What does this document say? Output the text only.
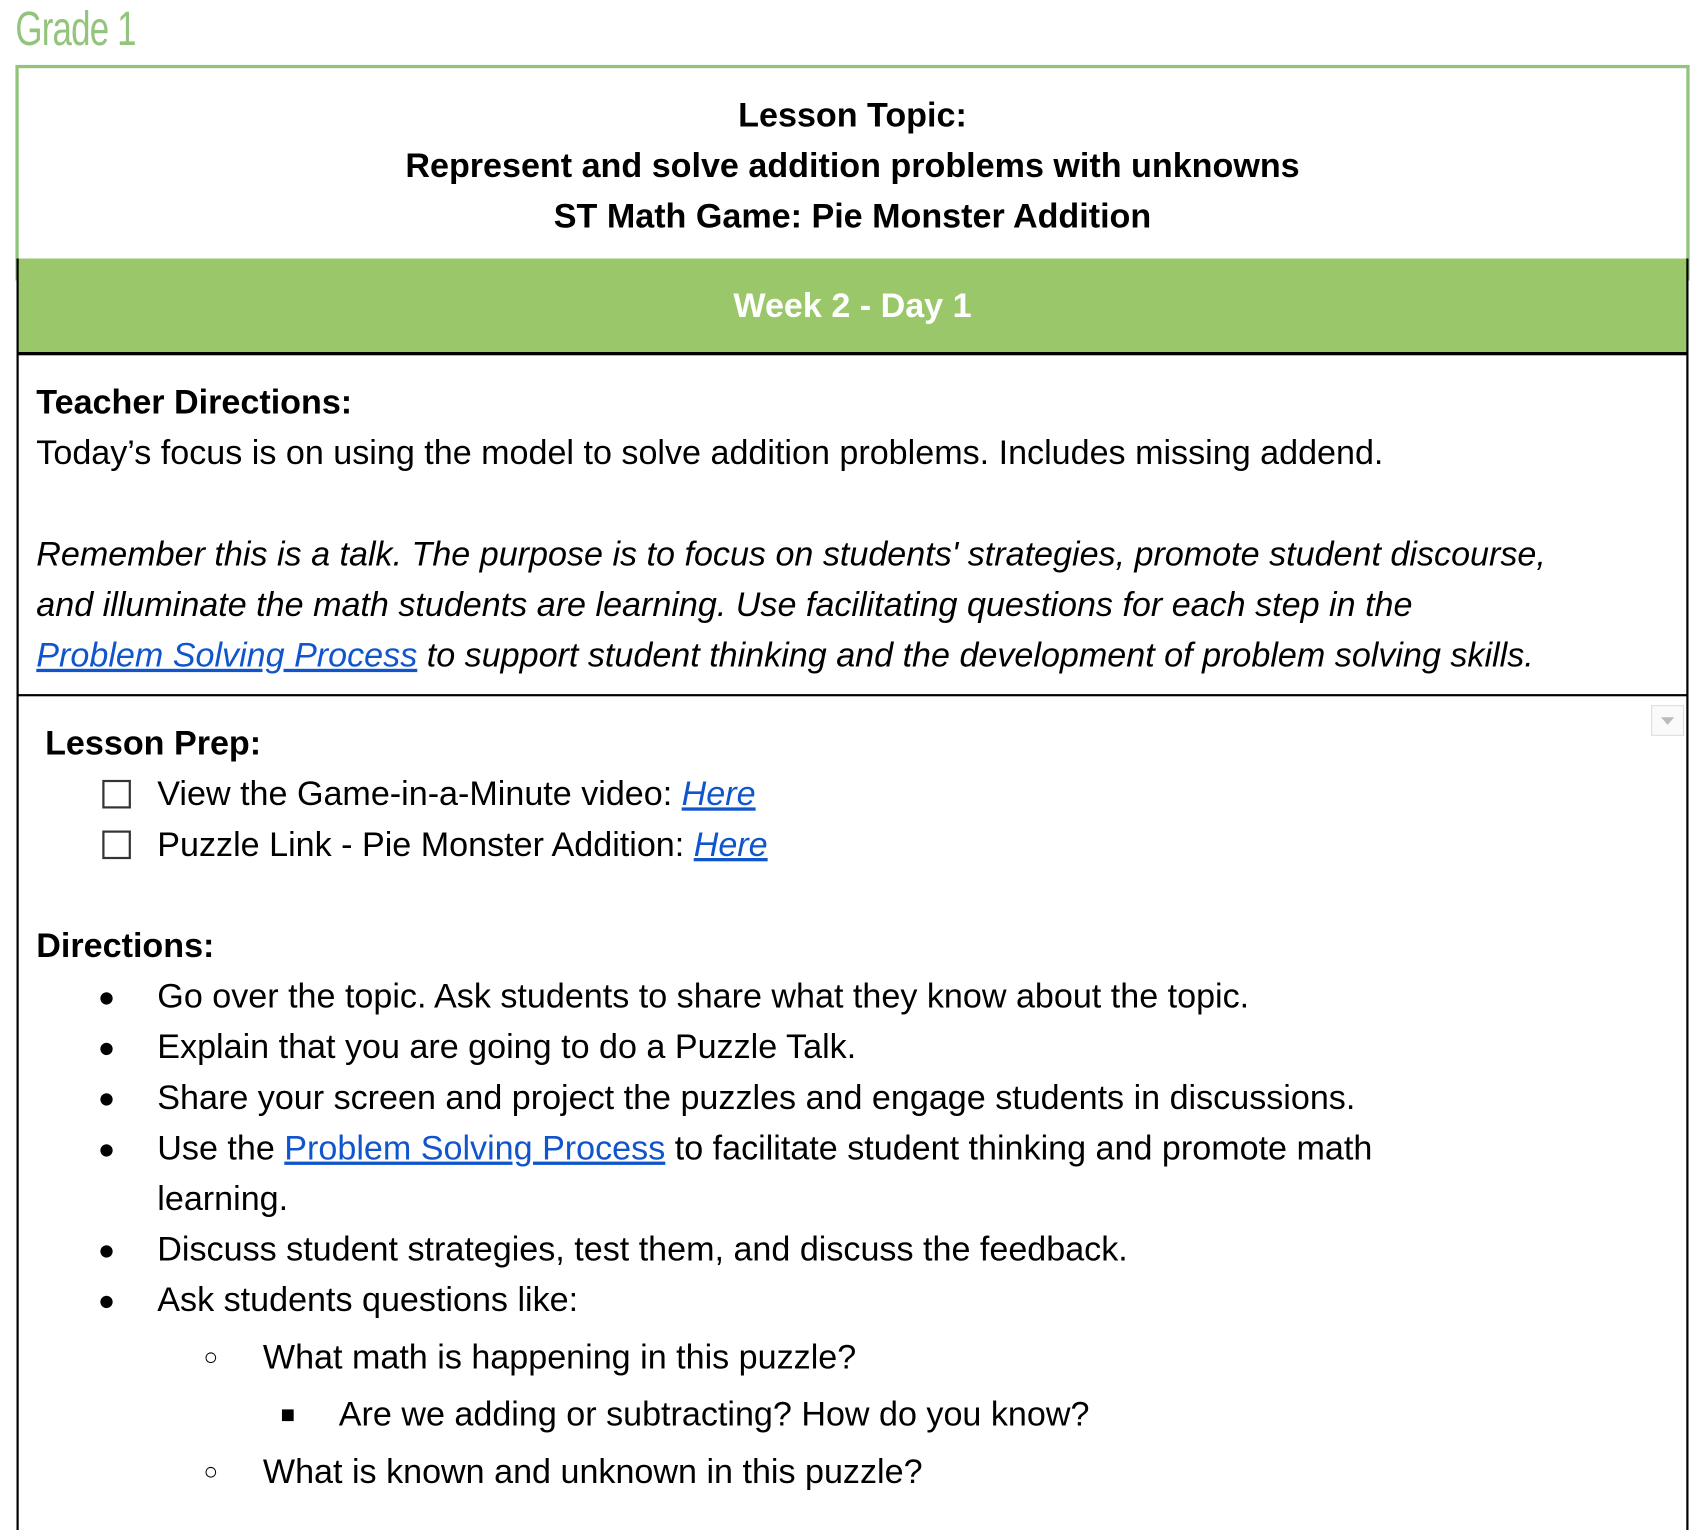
Grade 1
Lesson Topic:
Represent and solve addition problems with unknowns
ST Math Game: Pie Monster Addition
Week 2 - Day 1
Teacher Directions:
Today’s focus is on using the model to solve addition problems. Includes missing addend.
Remember this is a talk. The purpose is to focus on students' strategies, promote student discourse,
and illuminate the math students are learning. Use facilitating questions for each step in the
Problem Solving Process to support student thinking and the development of problem solving skills.
Lesson Prep:
View the Game-in-a-Minute video: Here
Puzzle Link - Pie Monster Addition: Here
Directions:
● Go over the topic. Ask students to share what they know about the topic.
● Explain that you are going to do a Puzzle Talk.
● Share your screen and project the puzzles and engage students in discussions.
● Use the Problem Solving Process to facilitate student thinking and promote math
learning.
● Discuss student strategies, test them, and discuss the feedback.
● Ask students questions like:
○ What math is happening in this puzzle?
■ Are we adding or subtracting? How do you know?
○ What is known and unknown in this puzzle?
